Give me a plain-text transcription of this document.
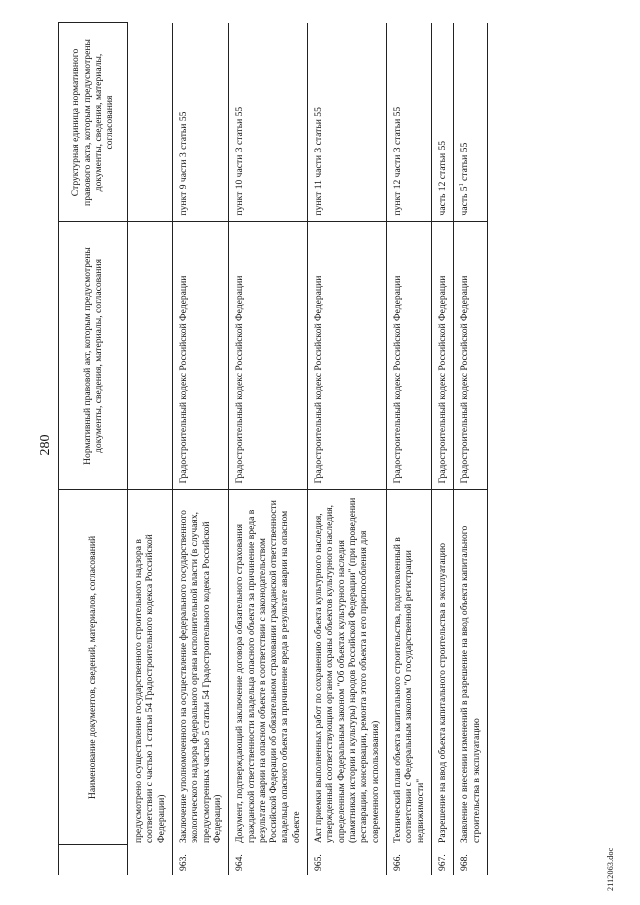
280
	Наименование документов, сведений, материалов, согласований	Нормативный правовой акт, которым предусмотрены документы, сведения, материалы, согласования	Структурная единица нормативного правового акта, которым предусмотрены документы, сведения, материалы, согласования
	предусмотрено осуществление государственного строительного надзора в соответствии с частью 1 статьи 54 Градостроительного кодекса Российской Федерации)		
963.	Заключение уполномоченного на осуществление федерального государственного экологического надзора федерального органа исполнительной власти (в случаях, предусмотренных частью 5 статьи 54 Градостроительного кодекса Российской Федерации)	Градостроительный кодекс Российской Федерации	пункт 9 части 3 статьи 55
964.	Документ, подтверждающий заключение договора обязательного страхования гражданской ответственности владельца опасного объекта за причинение вреда в результате аварии на опасном объекте в соответствии с законодательством Российской Федерации об обязательном страховании гражданской ответственности владельца опасного объекта за причинение вреда в результате аварии на опасном объекте	Градостроительный кодекс Российской Федерации	пункт 10 части 3 статьи 55
965.	Акт приемки выполненных работ по сохранению объекта культурного наследия, утвержденный соответствующим органом охраны объектов культурного наследия, определенным Федеральным законом "Об объектах культурного наследия (памятниках истории и культуры) народов Российской Федерации" (при проведении реставрации, консервации, ремонта этого объекта и его приспособления для современного использования)	Градостроительный кодекс Российской Федерации	пункт 11 части 3 статьи 55
966.	Технический план объекта капитального строительства, подготовленный в соответствии с Федеральным законом "О государственной регистрации недвижимости"	Градостроительный кодекс Российской Федерации	пункт 12 части 3 статьи 55
967.	Разрешение на ввод объекта капитального строительства в эксплуатацию	Градостроительный кодекс Российской Федерации	часть 12 статьи 55
968.	Заявление о внесении изменений в разрешение на ввод объекта капитального строительства в эксплуатацию	Градостроительный кодекс Российской Федерации	часть $5^1$ статьи 55
2112063.doc
